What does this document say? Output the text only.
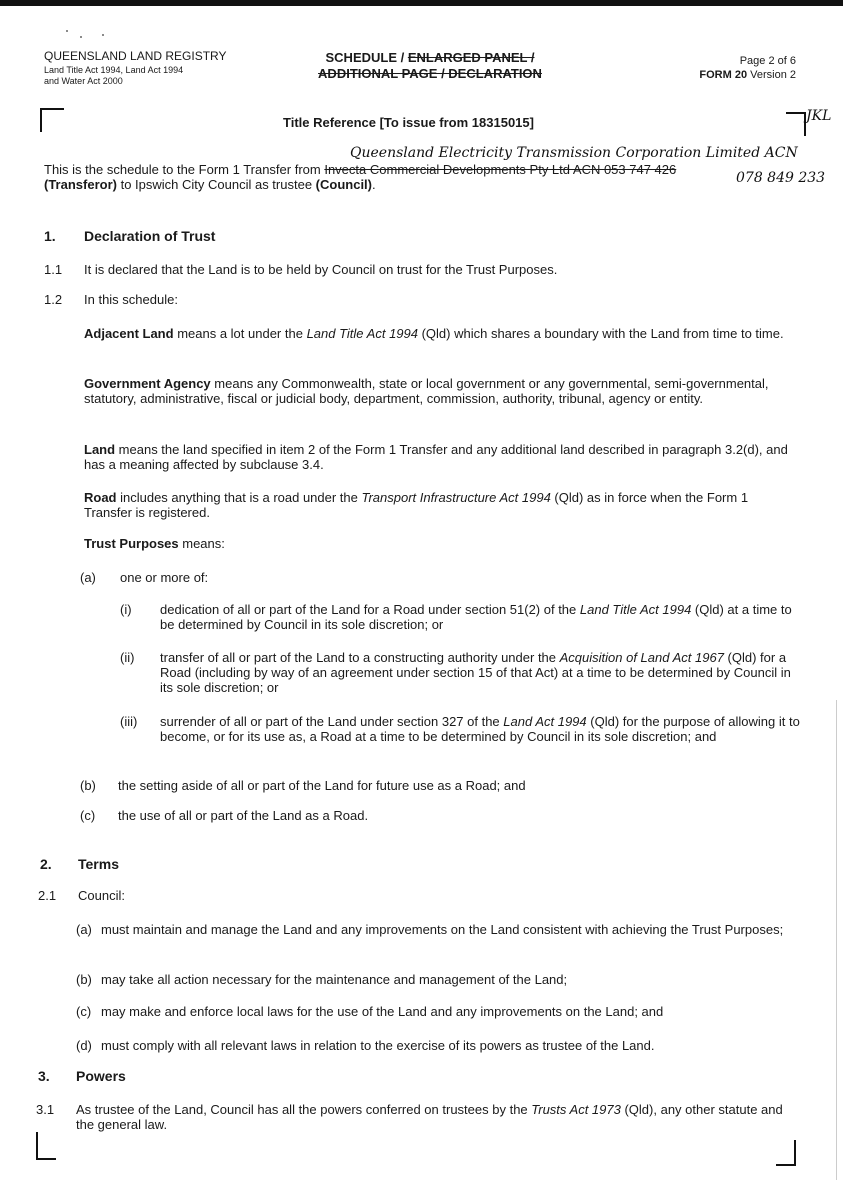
QUEENSLAND LAND REGISTRY
Land Title Act 1994, Land Act 1994
and Water Act 2000
SCHEDULE / ENLARGED PANEL /
ADDITIONAL PAGE / DECLARATION
Page 2 of 6
FORM 20 Version 2
JKL
Title Reference [To issue from 18315015]
Queensland Electricity Transmission Corporation Limited ACN
078 849 233
This is the schedule to the Form 1 Transfer from Invecta Commercial Developments Pty Ltd ACN 053 747 426
(Transferor) to Ipswich City Council as trustee (Council).
1. Declaration of Trust
1.1 It is declared that the Land is to be held by Council on trust for the Trust Purposes.
1.2 In this schedule:
Adjacent Land means a lot under the Land Title Act 1994 (Qld) which shares a boundary with the Land from time to time.
Government Agency means any Commonwealth, state or local government or any governmental, semi-governmental, statutory, administrative, fiscal or judicial body, department, commission, authority, tribunal, agency or entity.
Land means the land specified in item 2 of the Form 1 Transfer and any additional land described in paragraph 3.2(d), and has a meaning affected by subclause 3.4.
Road includes anything that is a road under the Transport Infrastructure Act 1994 (Qld) as in force when the Form 1 Transfer is registered.
Trust Purposes means:
(a) one or more of:
(i) dedication of all or part of the Land for a Road under section 51(2) of the Land Title Act 1994 (Qld) at a time to be determined by Council in its sole discretion; or
(ii) transfer of all or part of the Land to a constructing authority under the Acquisition of Land Act 1967 (Qld) for a Road (including by way of an agreement under section 15 of that Act) at a time to be determined by Council in its sole discretion; or
(iii) surrender of all or part of the Land under section 327 of the Land Act 1994 (Qld) for the purpose of allowing it to become, or for its use as, a Road at a time to be determined by Council in its sole discretion; and
(b) the setting aside of all or part of the Land for future use as a Road; and
(c) the use of all or part of the Land as a Road.
2. Terms
2.1 Council:
(a) must maintain and manage the Land and any improvements on the Land consistent with achieving the Trust Purposes;
(b) may take all action necessary for the maintenance and management of the Land;
(c) may make and enforce local laws for the use of the Land and any improvements on the Land; and
(d) must comply with all relevant laws in relation to the exercise of its powers as trustee of the Land.
3. Powers
3.1 As trustee of the Land, Council has all the powers conferred on trustees by the Trusts Act 1973 (Qld), any other statute and the general law.
